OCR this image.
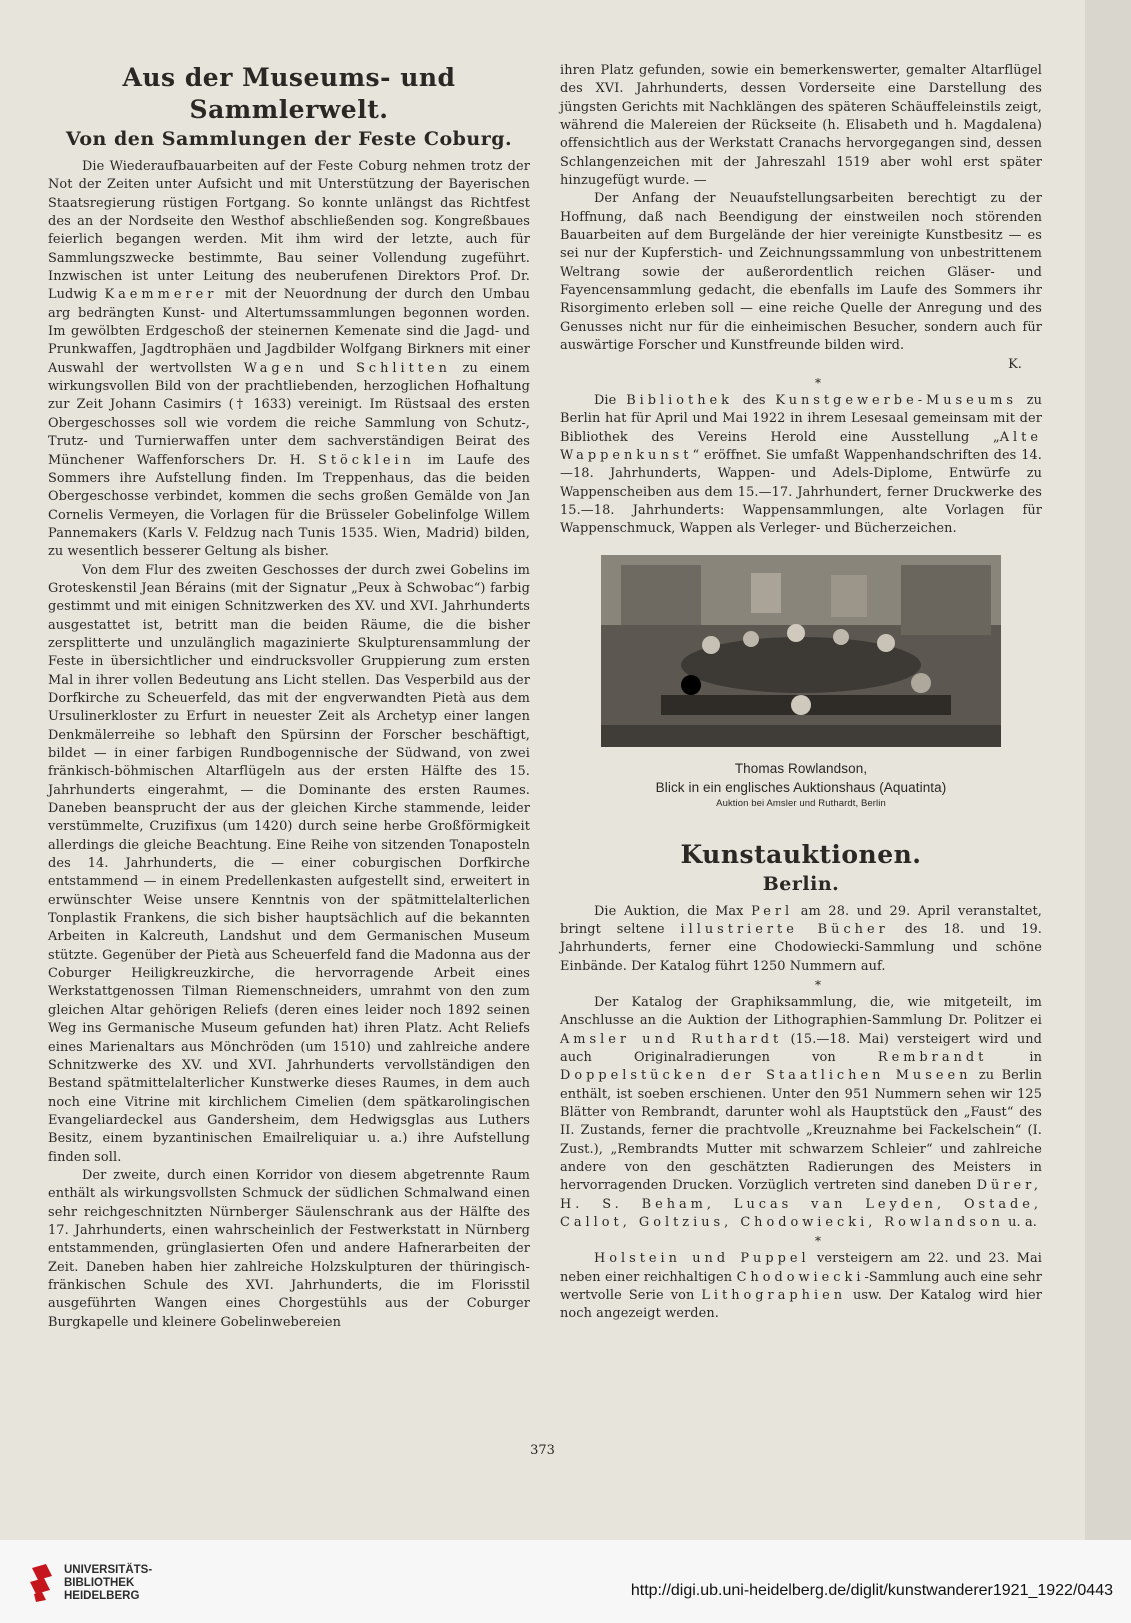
Aus der Museums- und Sammlerwelt.
Von den Sammlungen der Feste Coburg.

Die Wiederaufbauarbeiten auf der Feste Coburg nehmen trotz der Not der Zeiten unter Aufsicht und mit Unterstützung der Bayerischen Staatsregierung rüstigen Fortgang. So konnte unlängst das Richtfest des an der Nordseite den Westhof abschließenden sog. Kongreßbaues feierlich begangen werden. Mit ihm wird der letzte, auch für Sammlungszwecke bestimmte, Bau seiner Vollendung zugeführt. Inzwischen ist unter Leitung des neuberufenen Direktors Prof. Dr. Ludwig Kaemmerer mit der Neuordnung der durch den Umbau arg bedrängten Kunst- und Altertumssammlungen begonnen worden. Im gewölbten Erdgeschoß der steinernen Kemenate sind die Jagd- und Prunkwaffen, Jagdtrophäen und Jagdbilder Wolfgang Birkners mit einer Auswahl der wertvollsten Wagen und Schlitten zu einem wirkungsvollen Bild von der prachtliebenden, herzoglichen Hofhaltung zur Zeit Johann Casimirs († 1633) vereinigt. Im Rüstsaal des ersten Obergeschosses soll wie vordem die reiche Sammlung von Schutz-, Trutz- und Turnierwaffen unter dem sachverständigen Beirat des Münchener Waffenforschers Dr. H. Stöcklein im Laufe des Sommers ihre Aufstellung finden. Im Treppenhaus, das die beiden Obergeschosse verbindet, kommen die sechs großen Gemälde von Jan Cornelis Vermeyen, die Vorlagen für die Brüsseler Gobelinfolge Willem Pannemakers (Karls V. Feldzug nach Tunis 1535. Wien, Madrid) bilden, zu wesentlich besserer Geltung als bisher.

Von dem Flur des zweiten Geschosses der durch zwei Gobelins im Groteskenstil Jean Bérains (mit der Signatur „Peux à Schwobac“) farbig gestimmt und mit einigen Schnitzwerken des XV. und XVI. Jahrhunderts ausgestattet ist, betritt man die beiden Räume, die die bisher zersplitterte und unzulänglich magazinierte Skulpturensammlung der Feste in übersichtlicher und eindrucksvoller Gruppierung zum ersten Mal in ihrer vollen Bedeutung ans Licht stellen. Das Vesperbild aus der Dorfkirche zu Scheuerfeld, das mit der engverwandten Pietà aus dem Ursulinerkloster zu Erfurt in neuester Zeit als Archetyp einer langen Denkmälerreihe so lebhaft den Spürsinn der Forscher beschäftigt, bildet — in einer farbigen Rundbogennische der Südwand, von zwei fränkisch-böhmischen Altarflügeln aus der ersten Hälfte des 15. Jahrhunderts eingerahmt, — die Dominante des ersten Raumes. Daneben beansprucht der aus der gleichen Kirche stammende, leider verstümmelte, Cruzifixus (um 1420) durch seine herbe Großförmigkeit allerdings die gleiche Beachtung. Eine Reihe von sitzenden Tonaposteln des 14. Jahrhunderts, die — einer coburgischen Dorfkirche entstammend — in einem Predellenkasten aufgestellt sind, erweitert in erwünschter Weise unsere Kenntnis von der spätmittelalterlichen Tonplastik Frankens, die sich bisher hauptsächlich auf die bekannten Arbeiten in Kalcreuth, Landshut und dem Germanischen Museum stützte. Gegenüber der Pietà aus Scheuerfeld fand die Madonna aus der Coburger Heiligkreuzkirche, die hervorragende Arbeit eines Werkstattgenossen Tilman Riemenschneiders, umrahmt von den zum gleichen Altar gehörigen Reliefs (deren eines leider noch 1892 seinen Weg ins Germanische Museum gefunden hat) ihren Platz. Acht Reliefs eines Marienaltars aus Mönchröden (um 1510) und zahlreiche andere Schnitzwerke des XV. und XVI. Jahrhunderts vervollständigen den Bestand spätmittelalterlicher Kunstwerke dieses Raumes, in dem auch noch eine Vitrine mit kirchlichem Cimelien (dem spätkarolingischen Evangeliardeckel aus Gandersheim, dem Hedwigsglas aus Luthers Besitz, einem byzantinischen Emailreliquiar u. a.) ihre Aufstellung finden soll.

Der zweite, durch einen Korridor von diesem abgetrennte Raum enthält als wirkungsvollsten Schmuck der südlichen Schmalwand einen sehr reichgeschnitzten Nürnberger Säulenschrank aus der Hälfte des 17. Jahrhunderts, einen wahrscheinlich der Festwerkstatt in Nürnberg entstammenden, grünglasierten Ofen und andere Hafnerarbeiten der Zeit. Daneben haben hier zahlreiche Holzskulpturen der thüringisch-fränkischen Schule des XVI. Jahrhunderts, die im Florisstil ausgeführten Wangen eines Chorgestühls aus der Coburger Burgkapelle und kleinere Gobelinwebereien

ihren Platz gefunden, sowie ein bemerkenswerter, gemalter Altarflügel des XVI. Jahrhunderts, dessen Vorderseite eine Darstellung des jüngsten Gerichts mit Nachklängen des späteren Schäuffeleinstils zeigt, während die Malereien der Rückseite (h. Elisabeth und h. Magdalena) offensichtlich aus der Werkstatt Cranachs hervorgegangen sind, dessen Schlangenzeichen mit der Jahreszahl 1519 aber wohl erst später hinzugefügt wurde. —

Der Anfang der Neuaufstellungsarbeiten berechtigt zu der Hoffnung, daß nach Beendigung der einstweilen noch störenden Bauarbeiten auf dem Burgelände der hier vereinigte Kunstbesitz — es sei nur der Kupferstich- und Zeichnungssammlung von unbestrittenem Weltrang sowie der außerordentlich reichen Gläser- und Fayencensammlung gedacht, die ebenfalls im Laufe des Sommers ihr Risorgimento erleben soll — eine reiche Quelle der Anregung und des Genusses nicht nur für die einheimischen Besucher, sondern auch für auswärtige Forscher und Kunstfreunde bilden wird.

K.

*

Die Bibliothek des Kunstgewerbe-Museums zu Berlin hat für April und Mai 1922 in ihrem Lesesaal gemeinsam mit der Bibliothek des Vereins Herold eine Ausstellung „Alte Wappenkunst“ eröffnet. Sie umfaßt Wappenhandschriften des 14.—18. Jahrhunderts, Wappen- und Adels-Diplome, Entwürfe zu Wappenscheiben aus dem 15.—17. Jahrhundert, ferner Druckwerke des 15.—18. Jahrhunderts: Wappensammlungen, alte Vorlagen für Wappenschmuck, Wappen als Verleger- und Bücherzeichen.

Thomas Rowlandson,
Blick in ein englisches Auktionshaus (Aquatinta)
Auktion bei Amsler und Ruthardt, Berlin
Kunstauktionen.
Berlin.

Die Auktion, die Max Perl am 28. und 29. April veranstaltet, bringt seltene illustrierte Bücher des 18. und 19. Jahrhunderts, ferner eine Chodowiecki-Sammlung und schöne Einbände. Der Katalog führt 1250 Nummern auf.

*

Der Katalog der Graphiksammlung, die, wie mitgeteilt, im Anschlusse an die Auktion der Lithographien-Sammlung Dr. Politzer ei Amsler und Ruthardt (15.—18. Mai) versteigert wird und auch Originalradierungen von	Rembrandt	in Doppelstücken der Staatlichen Museen zu Berlin enthält, ist soeben erschienen. Unter den 951 Nummern sehen wir 125 Blätter von Rembrandt, darunter wohl als Hauptstück den „Faust“ des II. Zustands, ferner die prachtvolle „Kreuznahme bei Fackelschein“ (I. Zust.), „Rembrandts Mutter mit schwarzem Schleier“ und zahlreiche andere von den geschätzten Radierungen des Meisters in hervorragenden Drucken. Vorzüglich vertreten sind daneben Dürer, H. S. Beham, Lucas van Leyden, Ostade, Callot, Goltzius, Chodowiecki, Rowlandson u. a.

*

Holstein und Puppel versteigern am 22. und 23. Mai neben einer reichhaltigen Chodowiecki-Sammlung auch eine sehr wertvolle Serie von Lithographien usw. Der Katalog wird hier noch angezeigt werden.

373
UNIVERSITÄTS-
BIBLIOTHEK
HEIDELBERG	http://digi.ub.uni-heidelberg.de/diglit/kunstwanderer1921_1922/0443
